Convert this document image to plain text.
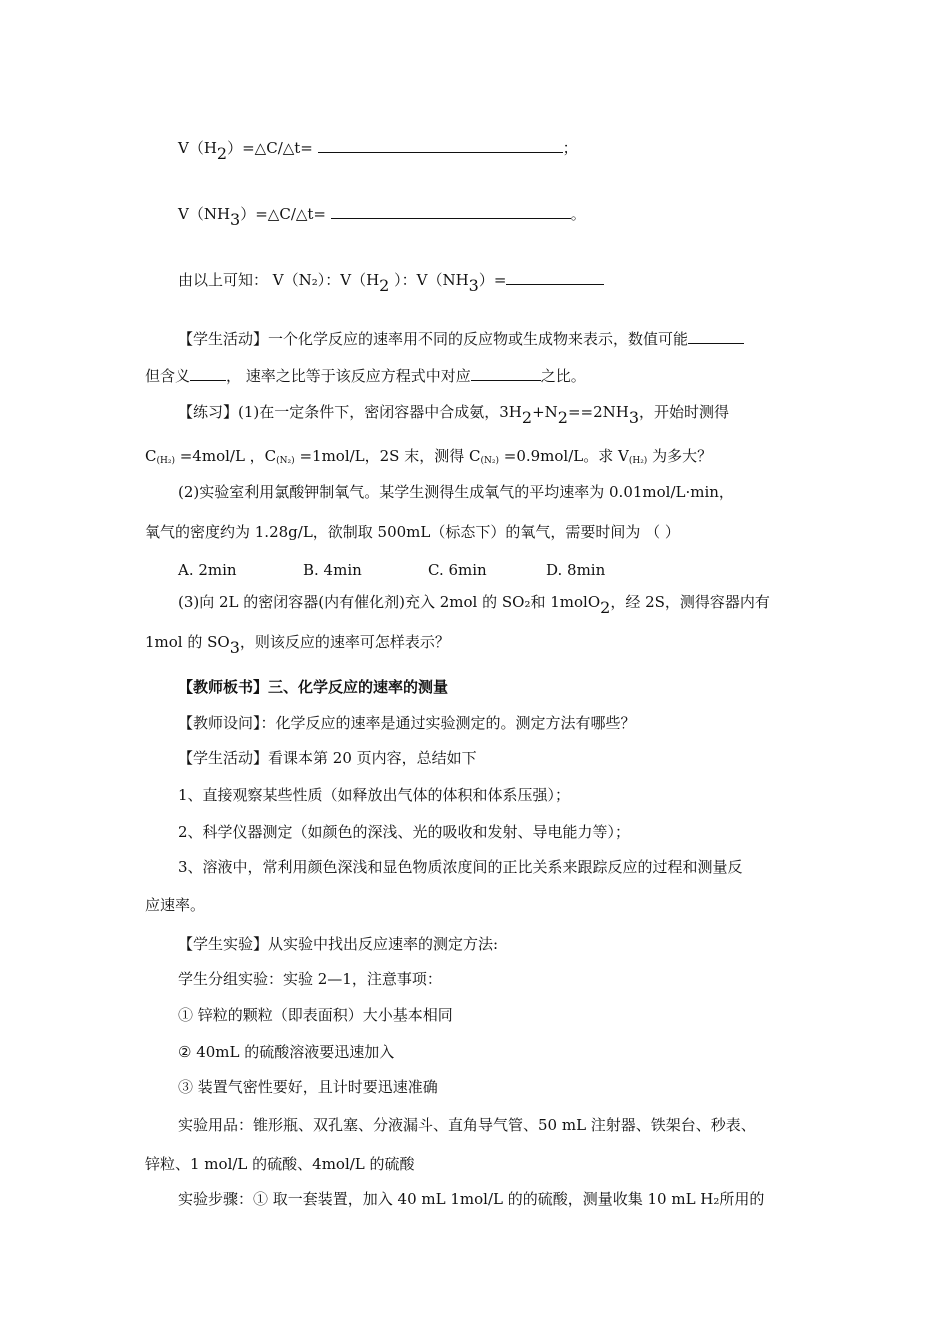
V（H2）=△C/△t=	；
V（NH3）=△C/△t=	。
由以上可知： V（N₂）：V（H2 ）：V（NH3）=
【学生活动】一个化学反应的速率用不同的反应物或生成物来表示，数值可能
但含义 ， 速率之比等于该反应方程式中对应	之比。
【练习】(1)在一定条件下，密闭容器中合成氨，3H2+N2==2NH3，开始时测得
C(H₂) =4mol/L ，C(N₂) =1mol/L，2S 末，测得 C(N₂) =0.9mol/L。求 V(H₂) 为多大？
(2)实验室利用氯酸钾制氧气。某学生测得生成氧气的平均速率为 0.01mol/L·min，
氧气的密度约为 1.28g/L，欲制取 500mL（标态下）的氧气，需要时间为 （ ）
A. 2min	B. 4min	C. 6min	D. 8min
(3)向 2L 的密闭容器(内有催化剂)充入 2mol 的 SO₂和 1molO2，经 2S，测得容器内有
1mol 的 SO3，则该反应的速率可怎样表示？
【教师板书】三、化学反应的速率的测量
【教师设问】：化学反应的速率是通过实验测定的。测定方法有哪些？
【学生活动】看课本第 20 页内容，总结如下
1、直接观察某些性质（如释放出气体的体积和体系压强）；
2、科学仪器测定（如颜色的深浅、光的吸收和发射、导电能力等）；
3、溶液中，常利用颜色深浅和显色物质浓度间的正比关系来跟踪反应的过程和测量反
应速率。
【学生实验】从实验中找出反应速率的测定方法:
学生分组实验：实验 2—1，注意事项：
① 锌粒的颗粒（即表面积）大小基本相同
② 40mL 的硫酸溶液要迅速加入
③ 装置气密性要好，且计时要迅速准确
实验用品：锥形瓶、双孔塞、分液漏斗、直角导气管、50 mL 注射器、铁架台、秒表、
锌粒、1 mol/L 的硫酸、4mol/L 的硫酸
实验步骤：① 取一套装置，加入 40 mL 1mol/L 的的硫酸，测量收集 10 mL H₂所用的
